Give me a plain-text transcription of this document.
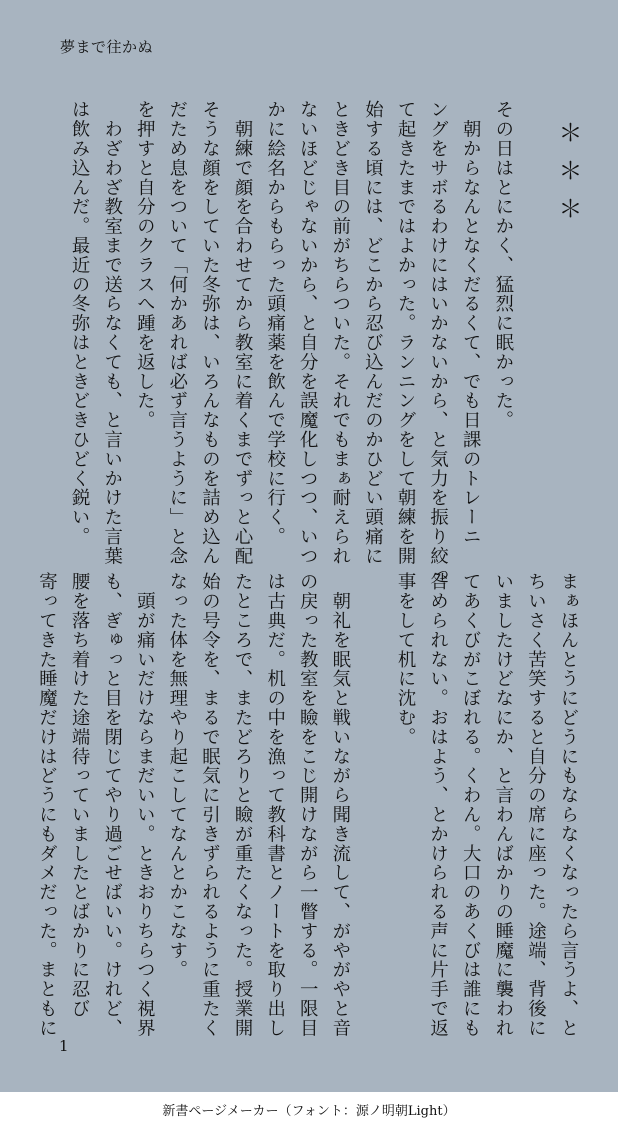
夢まで往かぬ
＊＊＊

その日はとにかく、猛烈に眠かった。
　朝からなんとなくだるくて、でも日課のトレーニ
ングをサボるわけにはいかないから、と気力を振り絞っ
て起きたまではよかった。ランニングをして朝練を開
始する頃には、どこから忍び込んだのかひどい頭痛に
ときどき目の前がちらついた。それでもまぁ耐えられ
ないほどじゃないから、と自分を誤魔化しつつ、いつ
かに絵名からもらった頭痛薬を飲んで学校に行く。
　朝練で顔を合わせてから教室に着くまでずっと心配
そうな顔をしていた冬弥は、いろんなものを詰め込ん
だため息をついて「何かあれば必ず言うように」と念
を押すと自分のクラスへ踵を返した。
　わざわざ教室まで送らなくても、と言いかけた言葉
は飲み込んだ。最近の冬弥はときどきひどく鋭い。
まぁほんとうにどうにもならなくなったら言うよ、と
ちいさく苦笑すると自分の席に座った。途端、背後に
いましたけどなにか、と言わんばかりの睡魔に襲われ
てあくびがこぼれる。くわん。大口のあくびは誰にも
咎められない。おはよう、とかけられる声に片手で返
事をして机に沈む。

　朝礼を眠気と戦いながら聞き流して、がやがやと音
の戻った教室を瞼をこじ開けながら一瞥する。一限目
は古典だ。机の中を漁って教科書とノートを取り出し
たところで、またどろりと瞼が重たくなった。授業開
始の号令を、まるで眠気に引きずられるように重たく
なった体を無理やり起こしてなんとかこなす。
　頭が痛いだけならまだいい。ときおりちらつく視界
も、ぎゅっと目を閉じてやり過ごせばいい。けれど、
腰を落ち着けた途端待っていましたとばかりに忍び
寄ってきた睡魔だけはどうにもダメだった。まともに
1
新書ページメーカー（フォント：源ノ明朝Light）
